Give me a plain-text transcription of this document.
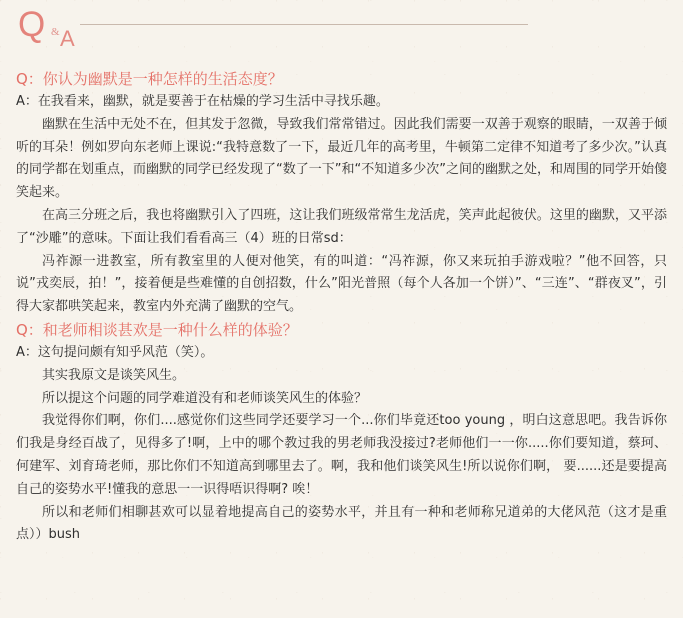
Q & A

Q：你认为幽默是一种怎样的生活态度？

A：在我看来，幽默，就是要善于在枯燥的学习生活中寻找乐趣。

幽默在生活中无处不在，但其发于忽微，导致我们常常错过。因此我们需要一双善于观察的眼睛，一双善于倾听的耳朵！例如罗向东老师上课说:“我特意数了一下，最近几年的高考里，牛顿第二定律不知道考了多少次。”认真的同学都在划重点，而幽默的同学已经发现了“数了一下”和“不知道多少次”之间的幽默之处，和周围的同学开始傻笑起来。

在高三分班之后，我也将幽默引入了四班，这让我们班级常常生龙活虎，笑声此起彼伏。这里的幽默，又平添了“沙雕”的意味。下面让我们看看高三（4）班的日常sd：

冯祚源一进教室，所有教室里的人便对他笑，有的叫道：“冯祚源，你又来玩拍手游戏啦？”他不回答，只说”戎奕辰，拍！”，接着便是些难懂的自创招数，什么”阳光普照（每个人各加一个饼）”、“三连”、“群夜叉”，引得大家都哄笑起来，教室内外充满了幽默的空气。

Q：和老师相谈甚欢是一种什么样的体验？

A：这句提问颇有知乎风范（笑）。

其实我原文是谈笑风生。

所以提这个问题的同学难道没有和老师谈笑风生的体验？

我觉得你们啊，你们....感觉你们这些同学还要学习一个...你们毕竟还too young ，明白这意思吧。我告诉你们我是身经百战了，见得多了!啊，上中的哪个教过我的男老师我没接过?老师他们一一你.....你们要知道，蔡珂、何建军、刘育琦老师，那比你们不知道高到哪里去了。啊，我和他们谈笑风生!所以说你们啊， 要......还是要提高自己的姿势水平!懂我的意思一一识得唔识得啊? 唉！

所以和老师们相聊甚欢可以显着地提高自己的姿势水平，并且有一种和老师称兄道弟的大佬风范（这才是重点））bush
